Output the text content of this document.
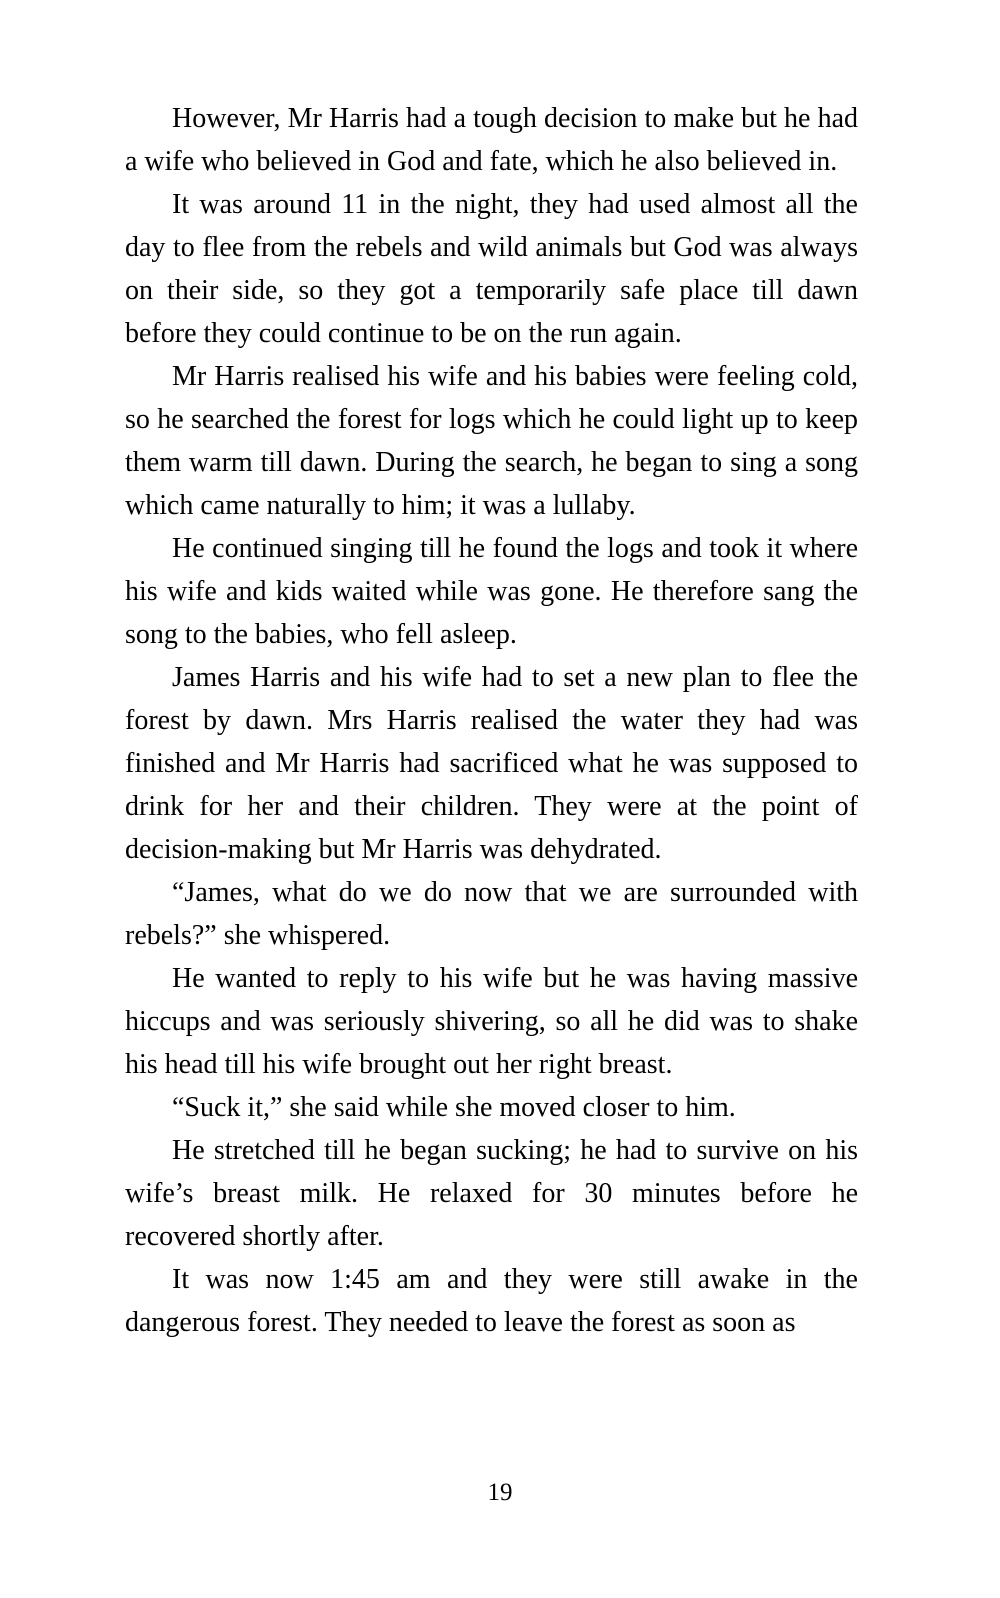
However, Mr Harris had a tough decision to make but he had a wife who believed in God and fate, which he also believed in.

It was around 11 in the night, they had used almost all the day to flee from the rebels and wild animals but God was always on their side, so they got a temporarily safe place till dawn before they could continue to be on the run again.

Mr Harris realised his wife and his babies were feeling cold, so he searched the forest for logs which he could light up to keep them warm till dawn. During the search, he began to sing a song which came naturally to him; it was a lullaby.

He continued singing till he found the logs and took it where his wife and kids waited while was gone. He therefore sang the song to the babies, who fell asleep.

James Harris and his wife had to set a new plan to flee the forest by dawn. Mrs Harris realised the water they had was finished and Mr Harris had sacrificed what he was supposed to drink for her and their children. They were at the point of decision-making but Mr Harris was dehydrated.

“James, what do we do now that we are surrounded with rebels?” she whispered.

He wanted to reply to his wife but he was having massive hiccups and was seriously shivering, so all he did was to shake his head till his wife brought out her right breast.

“Suck it,” she said while she moved closer to him.

He stretched till he began sucking; he had to survive on his wife’s breast milk. He relaxed for 30 minutes before he recovered shortly after.

It was now 1:45 am and they were still awake in the dangerous forest. They needed to leave the forest as soon as

19
